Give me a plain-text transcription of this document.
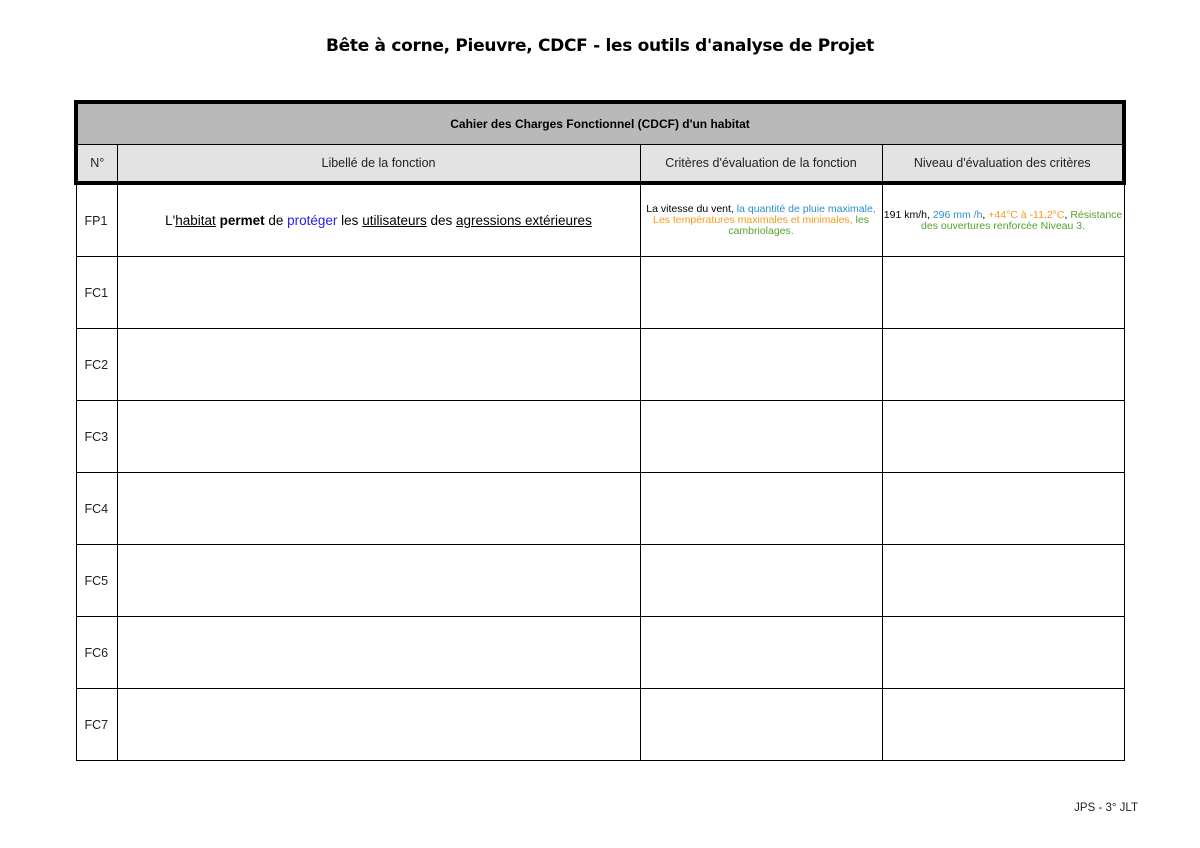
Bête à corne, Pieuvre, CDCF - les outils d'analyse de Projet
Cahier des Charges Fonctionnel (CDCF) d'un habitat			
N°	Libellé de la fonction	Critères d'évaluation de la fonction	Niveau d'évaluation des critères
FP1	L'habitat permet de protéger les utilisateurs des agressions extérieures	La vitesse du vent, la quantité de pluie maximale, Les températures maximales et minimales, les cambriolages.	191 km/h, 296 mm /h, +44°C à -11,2°C, Résistance des ouvertures renforcée Niveau 3.
FC1			
FC2			
FC3			
FC4			
FC5			
FC6			
FC7			
JPS - 3° JLT
